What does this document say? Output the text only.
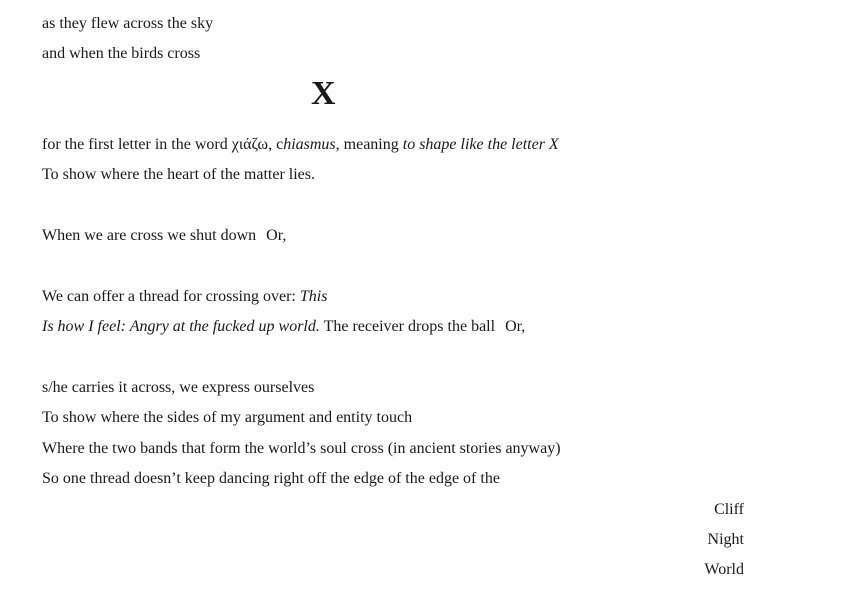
as they flew across the sky
and when the birds cross
X
for the first letter in the word χιάζω, chiasmus, meaning to shape like the letter X
To show where the heart of the matter lies.
When we are cross we shut down Or,
We can offer a thread for crossing over: This
Is how I feel: Angry at the fucked up world. The receiver drops the ball Or,
s/he carries it across, we express ourselves
To show where the sides of my argument and entity touch
Where the two bands that form the world’s soul cross (in ancient stories anyway)
So one thread doesn’t keep dancing right off the edge of the edge of the
Cliff
Night
World
